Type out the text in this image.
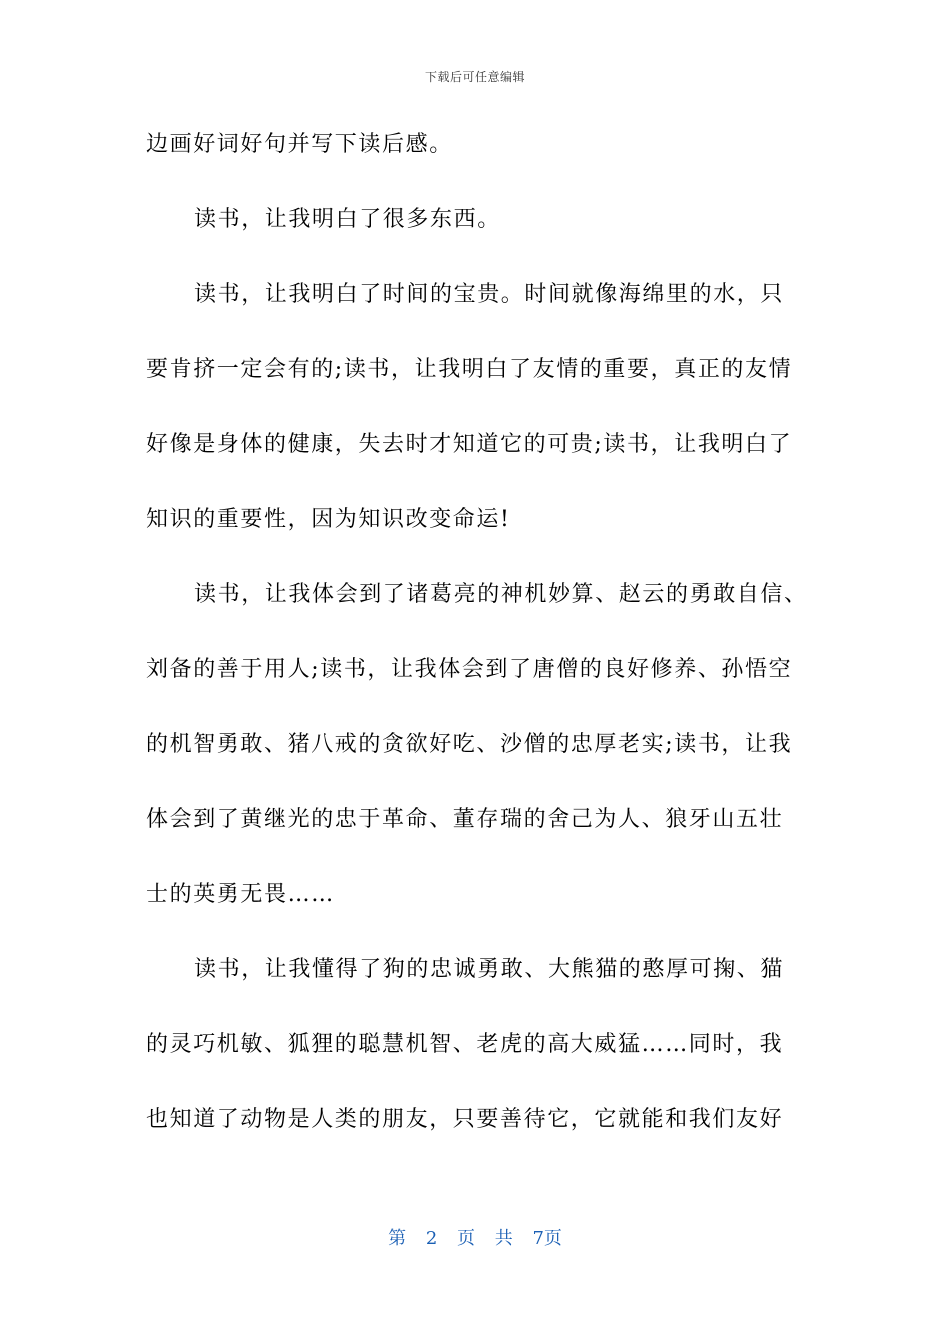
下载后可任意编辑
边画好词好句并写下读后感。
读书，让我明白了很多东西。
读书，让我明白了时间的宝贵。时间就像海绵里的水，只
要肯挤一定会有的;读书，让我明白了友情的重要，真正的友情
好像是身体的健康，失去时才知道它的可贵;读书，让我明白了
知识的重要性，因为知识改变命运!
读书，让我体会到了诸葛亮的神机妙算、赵云的勇敢自信、
刘备的善于用人;读书，让我体会到了唐僧的良好修养、孙悟空
的机智勇敢、猪八戒的贪欲好吃、沙僧的忠厚老实;读书，让我
体会到了黄继光的忠于革命、董存瑞的舍己为人、狼牙山五壮
士的英勇无畏……
读书，让我懂得了狗的忠诚勇敢、大熊猫的憨厚可掬、猫
的灵巧机敏、狐狸的聪慧机智、老虎的高大威猛……同时，我
也知道了动物是人类的朋友，只要善待它，它就能和我们友好
第 2 页 共 7页
